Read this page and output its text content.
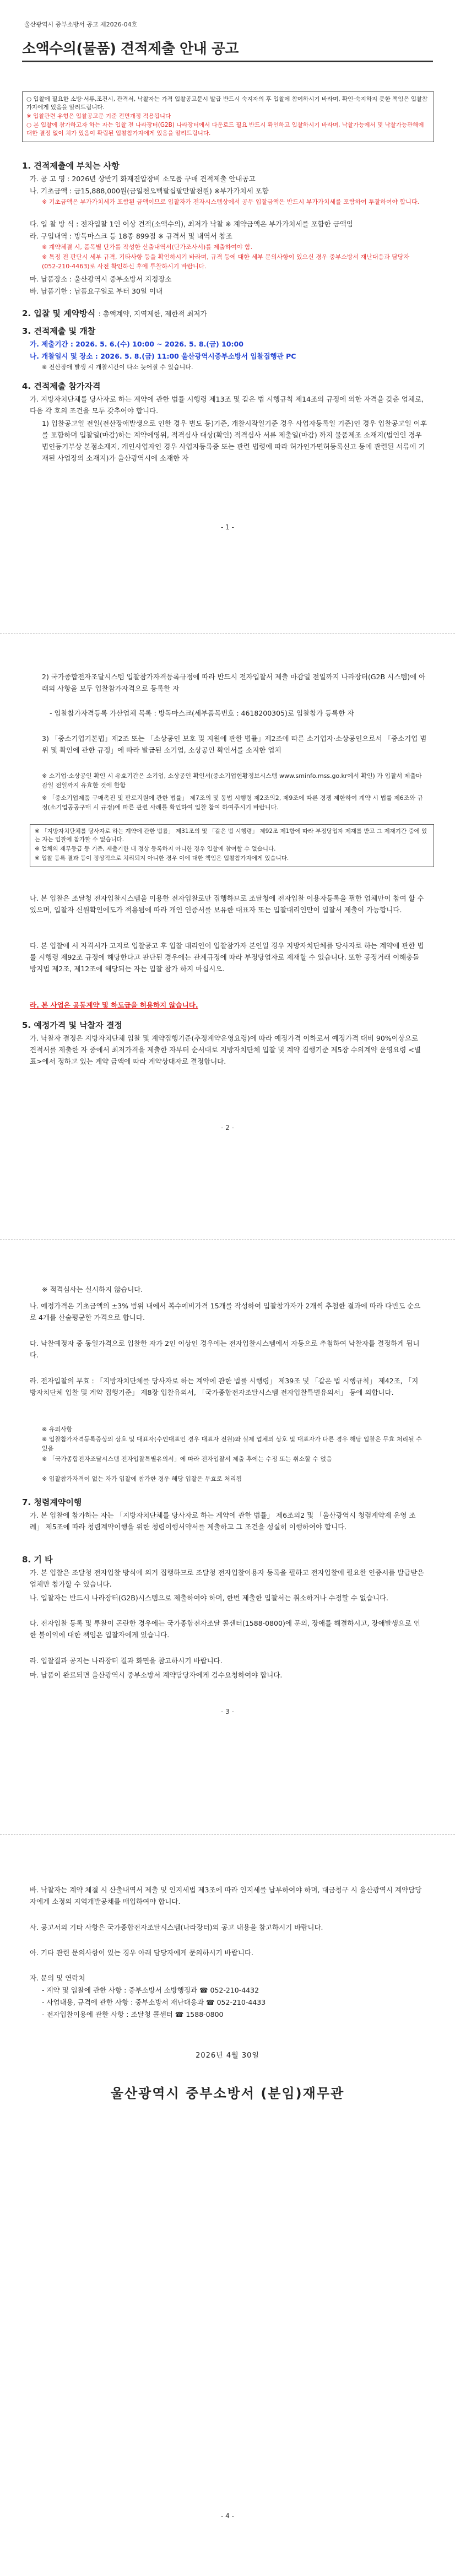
울산광역시 중부소방서 공고 제2026-04호
소액수의(물품) 견적제출 안내 공고

○ 입찰에 필요한 소방·서류,조건시, 관격서, 낙찰자는 가격 입찰공고문시 발급 반드시 숙지자의 후 입찰에 참여하시기 바라며, 확인·숙지하지 못한 책임은 입찰참가자에게 있음을 알려드립니다.

※ 입찰관련 유형은 입찰공고문 기준 전면개정 적용됩니다

○ 본 입찰에 참가하고자 하는 자는 입찰 전 나라장터(G2B) 나라장터에서 다운로드 필요 반드시 확인하고 입찰하시기 바라며, 낙찰가능에서 및 낙찰가능관해에 대한 결정 없이 처가 있음이 확립된 입찰참가자에게 있음을 알려드립니다.

1. 견적제출에 부치는 사항
가. 공 고 명 : 2026년 상반기 화재진압장비 소모품 구매 견적제출 안내공고
나. 기초금액 : 금15,888,000원(금일천오백팔십팔만팔천원) ※부가가치세 포함
※ 기초금액은 부가가치세가 포함된 금액이므로 입찰자가 전자시스템상에서 공무 입찰금액은 반드시 부가가치세를 포함하여 투찰하여야 합니다.
다. 입 찰 방 식 : 전자입찰 1인 이상 견적(소액수의), 최저가 낙찰 ※ 계약금액은 부가가치세를 포함한 금액임
라. 구입내역 : 방독마스크 등 18종 899점 ※ 규격서 및 내역서 참조
※ 계약체결 시, 품목별 단가를 작성한 산출내역서(단가조사서)를 제출하여야 함.
※ 특정 전 판단시 세부 규격, 기타사항 등을 확인하시기 바라며, 규격 등에 대한 세부 문의사항이 있으신 경우 중부소방서 재난대응과 담당자(052-210-4463)로 사전 확인하신 후에 투찰하시기 바랍니다.
마. 납품장소 : 울산광역시 중부소방서 지정장소
바. 납품기한 : 납품요구일로 부터 30일 이내
2. 입찰 및 계약방식 : 총액계약, 지역제한, 제한적 최저가
3. 견적제출 및 개찰
가. 제출기간 : 2026. 5. 6.(수) 10:00 ~ 2026. 5. 8.(금) 10:00
나. 개찰일시 및 장소 : 2026. 5. 8.(금) 11:00 울산광역시중부소방서 입찰집행관 PC
※ 전산장애 발생 시 개찰시간이 다소 늦어질 수 있습니다.
4. 견적제출 참가자격
가. 지방자치단체를 당사자로 하는 계약에 관한 법률 시행령 제13조 및 같은 법 시행규칙 제14조의 규정에 의한 자격을 갖춘 업체로, 다음 각 호의 조건을 모두 갖추어야 합니다.
1) 입찰공고일 전일(전산장애발생으로 인한 경우 별도 등)기준, 개찰시작일기준 경우 사업자등록일 기준)인 경우 입찰공고일 이후를 포함하며 입찰일(마감)하는 계약에영위, 적격심사 대상(확인) 적격심사 서류 제출일(마감) 까지 물품제조 소재지(법인인 경우 법인등기부상 본점소재지, 개인사업자인 경우 사업자등록증 또는 관련 법령에 따라 허가인가면허등록신고 등에 관련된 서류에 기재된 사업장의 소재지)가 울산광역시에 소재한 자
- 1 -
2) 국가종합전자조달시스템 입찰참가자격등록규정에 따라 반드시 전자입찰서 제출 마감일 전일까지 나라장터(G2B 시스템)에 아래의 사항을 모두 입찰참가자격으로 등록한 자
- 입찰참가자격등록 가산업체 목록 : 방독마스크(세부품목번호 : 4618200305)로 입찰참가 등록한 자
3) 「중소기업기본법」제2조 또는 「소상공인 보호 및 지원에 관한 법률」제2조에 따른 소기업자·소상공인으로서 「중소기업 범위 및 확인에 관한 규정」에 따라 발급된 소기업, 소상공인 확인서를 소지한 업체
※ 소기업·소상공인 확인 시 유효기간은 소기업, 소상공인 확인서(중소기업현황정보시스템 www.sminfo.mss.go.kr에서 확인) 가 입찰서 제출마감일 전일까지 유효한 것에 한함
※ 「중소기업제품 구매촉진 및 판로지원에 관한 법률」 제7조의 및 동법 시행령 제2조의2, 제9조에 따른 경쟁 제한하여 계약 시 법률 제6조와 규정(소기업공공구매 시 규정)에 따른 관련 사례를 확인하여 입찰 참여 하여주시기 바랍니다.

※ 「지방자치단체를 당사자로 하는 계약에 관한 법률」 제31조의 및 「같은 법 시행령」 제92조 제1항에 따라 부정당업자 제재를 받고 그 제재기간 중에 있는 자는 입찰에 참가할 수 없습니다.

※ 업체의 재무등급 등 기준, 제출기한 내 정상 등록하지 아니한 경우 입찰에 참여할 수 없습니다.

※ 입찰 등록 결과 등이 정상적으로 처리되지 아니한 경우 이에 대한 책임은 입찰참가자에게 있습니다.

나. 본 입찰은 조달청 전자입찰시스템을 이용한 전자입찰로만 집행하므로 조달청에 전자입찰 이용자등록을 필한 업체만이 참여 할 수 있으며, 입찰자 신원확인에도가 적용됨에 따라 개인 인증서를 보유한 대표자 또는 입찰대리인만이 입찰서 제출이 가능합니다.
다. 본 입찰에 서 자격서가 고지로 입찰공고 후 입찰 대리인이 입찰참가자 본인일 경우 지방자치단체를 당사자로 하는 계약에 관한 법률 시행령 제92조 규정에 해당한다고 판단된 경우에는 관계규정에 따라 부정당업자로 제재할 수 있습니다. 또한 공정거래 이해충돌 방지법 제2조, 제12조에 해당되는 자는 입찰 참가 하지 마십시오.
라. 본 사업은 공동계약 및 하도급을 허용하지 않습니다.
5. 예정가격 및 낙찰자 결정
가. 낙찰자 결정은 지방자치단체 입찰 및 계약집행기준(추정계약운영요령)에 따라 예정가격 이하로서 예정가격 대비 90%이상으로 견적서를 제출한 자 중에서 최저가격을 제출한 자부터 순서대로 지방자치단체 입찰 및 계약 집행기준 제5장 수의계약 운영요령 <별표>에서 정하고 있는 계약 금액에 따라 계약상대자로 결정합니다.
- 2 -
※ 적격심사는 실시하지 않습니다.
나. 예정가격은 기초금액의 ±3% 범위 내에서 복수예비가격 15개를 작성하여 입찰참가자가 2개씩 추첨한 결과에 따라 다빈도 순으로 4개를 산술평균한 가격으로 합니다.
다. 낙찰예정자 중 동일가격으로 입찰한 자가 2인 이상인 경우에는 전자입찰시스템에서 자동으로 추첨하여 낙찰자를 결정하게 됩니다.
라. 전자입찰의 무효 : 「지방자치단체를 당사자로 하는 계약에 관한 법률 시행령」 제39조 및 「같은 법 시행규칙」 제42조, 「지방자치단체 입찰 및 계약 집행기준」 제8장 입찰유의서, 「국가종합전자조달시스템 전자입찰특별유의서」 등에 의합니다.
※ 유의사항
※ 입찰참가자격등록증상의 상호 및 대표자(수인대표인 경우 대표자 전원)와 실제 업체의 상호 및 대표자가 다른 경우 해당 입찰은 무효 처리될 수 있음
※ 「국가종합전자조달시스템 전자입찰특별유의서」에 따라 전자입찰서 제출 후에는 수정 또는 취소할 수 없음
※ 입찰참가자격이 없는 자가 입찰에 참가한 경우 해당 입찰은 무효로 처리됨
7. 청렴계약이행
가. 본 입찰에 참가하는 자는 「지방자치단체를 당사자로 하는 계약에 관한 법률」 제6조의2 및 「울산광역시 청렴계약제 운영 조례」 제5조에 따라 청렴계약이행을 위한 청렴이행서약서를 제출하고 그 조건을 성실히 이행하여야 합니다.
8. 기 타
가. 본 입찰은 조달청 전자입찰 방식에 의거 집행하므로 조달청 전자입찰이용자 등록을 필하고 전자입찰에 필요한 인증서를 발급받은 업체만 참가할 수 있습니다.
나. 입찰자는 반드시 나라장터(G2B)시스템으로 제출하여야 하며, 한번 제출한 입찰서는 취소하거나 수정할 수 없습니다.
다. 전자입찰 등록 및 투찰이 곤란한 경우에는 국가종합전자조달 콜센터(1588-0800)에 문의, 장애를 해결하시고, 장애발생으로 인한 불이익에 대한 책임은 입찰자에게 있습니다.
라. 입찰결과 공지는 나라장터 결과 화면을 참고하시기 바랍니다.
마. 납품이 완료되면 울산광역시 중부소방서 계약담당자에게 검수요청하여야 합니다.
- 3 -
바. 낙찰자는 계약 체결 시 산출내역서 제출 및 인지세법 제3조에 따라 인지세를 납부하여야 하며, 대금청구 시 울산광역시 계약담당자에게 소정의 지역개발공채를 매입하여야 합니다.
사. 공고서의 기타 사항은 국가종합전자조달시스템(나라장터)의 공고 내용을 참고하시기 바랍니다.
아. 기타 관련 문의사항이 있는 경우 아래 담당자에게 문의하시기 바랍니다.
자. 문의 및 연락처
- 계약 및 입찰에 관한 사항 : 중부소방서 소방행정과 ☎ 052-210-4432
- 사업내용, 규격에 관한 사항 : 중부소방서 재난대응과 ☎ 052-210-4433
- 전자입찰이용에 관한 사항 : 조달청 콜센터 ☎ 1588-0800
2026년 4월 30일
울산광역시 중부소방서 (분임)재무관
- 4 -
